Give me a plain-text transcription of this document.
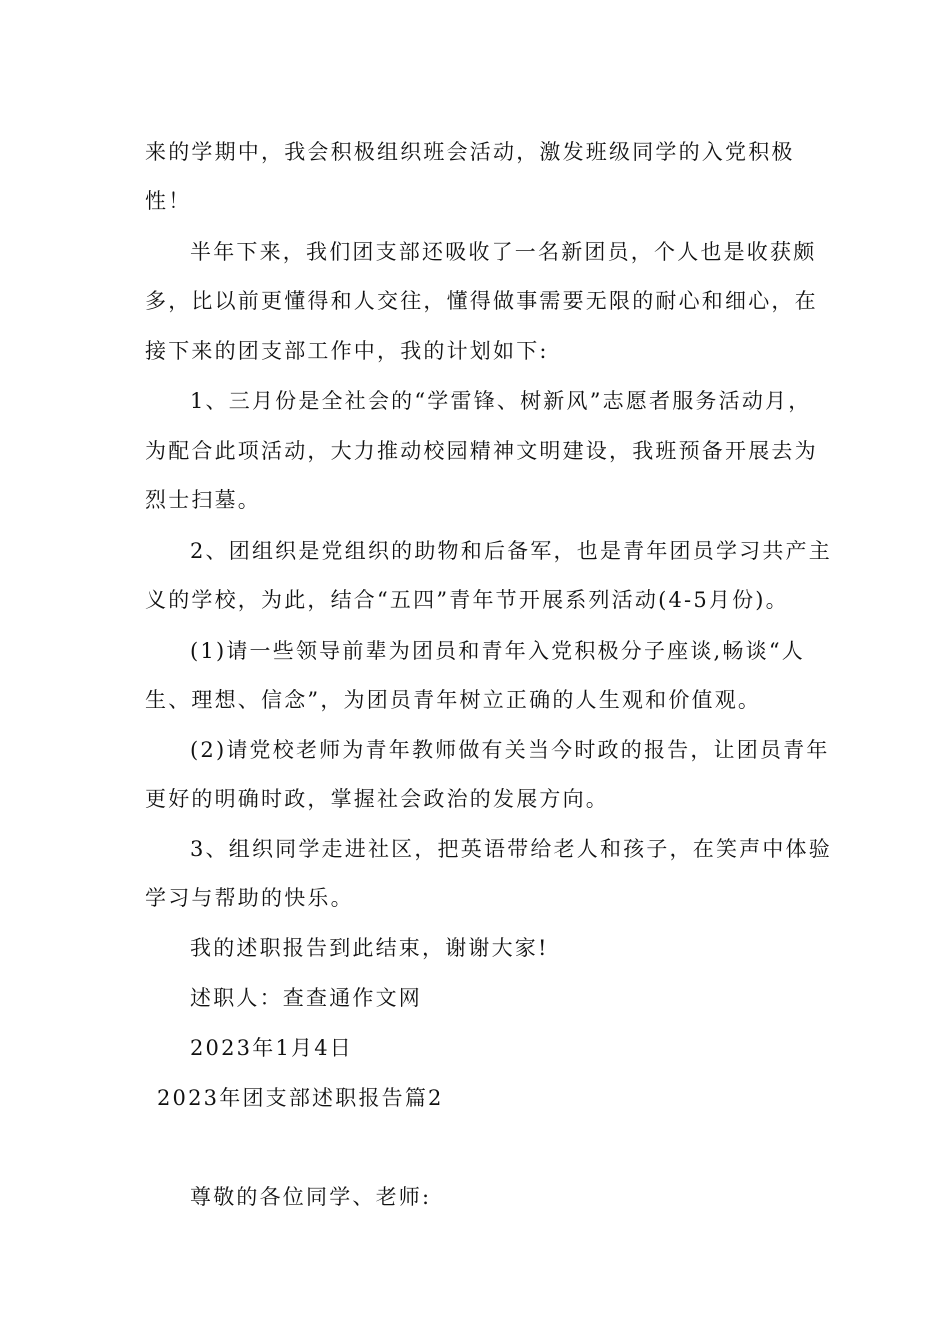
来的学期中，我会积极组织班会活动，激发班级同学的入党积极
性！
半年下来，我们团支部还吸收了一名新团员，个人也是收获颇
多，比以前更懂得和人交往，懂得做事需要无限的耐心和细心，在
接下来的团支部工作中，我的计划如下:
1、三月份是全社会的“学雷锋、树新风”志愿者服务活动月，
为配合此项活动，大力推动校园精神文明建设，我班预备开展去为
烈士扫墓。
2、团组织是党组织的助物和后备军，也是青年团员学习共产主
义的学校，为此，结合“五四”青年节开展系列活动(4-5月份)。
(1)请一些领导前辈为团员和青年入党积极分子座谈,畅谈“人
生、理想、信念”，为团员青年树立正确的人生观和价值观。
(2)请党校老师为青年教师做有关当今时政的报告，让团员青年
更好的明确时政，掌握社会政治的发展方向。
3、组织同学走进社区，把英语带给老人和孩子，在笑声中体验
学习与帮助的快乐。
我的述职报告到此结束，谢谢大家!
述职人：查查通作文网
2023年1月4日
2023年团支部述职报告篇2
尊敬的各位同学、老师:
